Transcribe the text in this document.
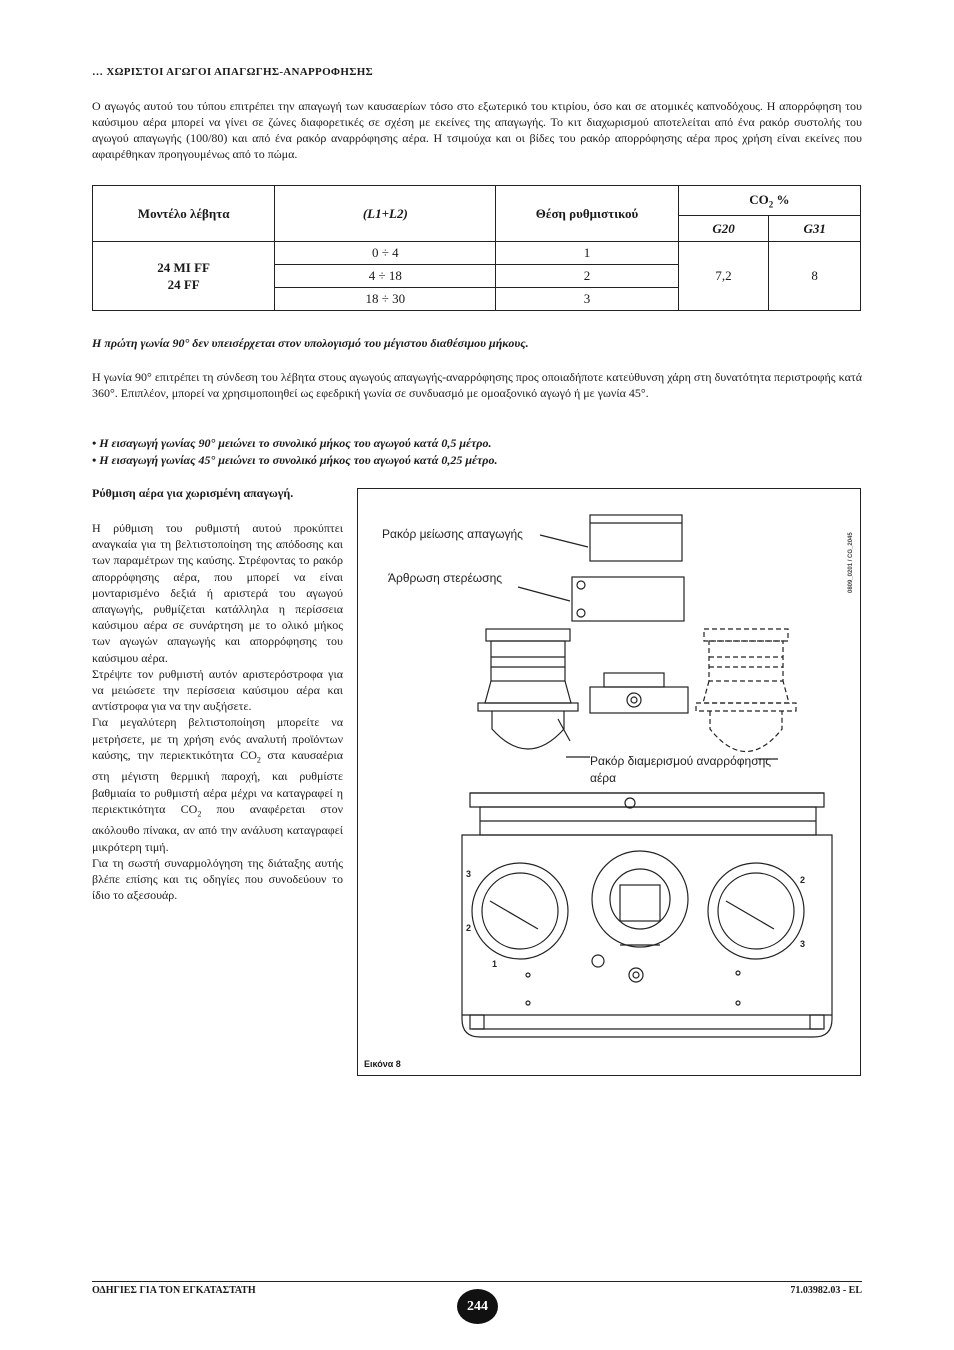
… ΧΩΡΙΣΤΟΙ ΑΓΩΓΟΙ ΑΠΑΓΩΓΗΣ-ΑΝΑΡΡΟΦΗΣΗΣ
Ο αγωγός αυτού του τύπου επιτρέπει την απαγωγή των καυσαερίων τόσο στο εξωτερικό του κτιρίου, όσο και σε ατομικές καπνοδόχους. Η απορρόφηση του καύσιμου αέρα μπορεί να γίνει σε ζώνες διαφορετικές σε σχέση με εκείνες της απαγωγής. Το κιτ διαχωρισμού αποτελείται από ένα ρακόρ συστολής του αγωγού απαγωγής (100/80) και από ένα ρακόρ αναρρόφησης αέρα. Η τσιμούχα και οι βίδες του ρακόρ απορρόφησης αέρα προς χρήση είναι εκείνες που αφαιρέθηκαν προηγουμένως από το πώμα.
Μοντέλο λέβητα	(L1+L2)	Θέση ρυθμιστικού	$CO_2$ %	
			G20	G31

24 MI FF
24 FF	0 ÷ 4	1	7,2	8
	4 ÷ 18	2		
	18 ÷ 30	3		
Η πρώτη γωνία 90° δεν υπεισέρχεται στον υπολογισμό του μέγιστου διαθέσιμου μήκους.
Η γωνία 90° επιτρέπει τη σύνδεση του λέβητα στους αγωγούς απαγωγής-αναρρόφησης προς οποιαδήποτε κατεύθυνση χάρη στη δυνατότητα περιστροφής κατά 360°. Επιπλέον, μπορεί να χρησιμοποιηθεί ως εφεδρική γωνία σε συνδυασμό με ομοαξονικό αγωγό ή με γωνία 45°.
• Η εισαγωγή γωνίας 90° μειώνει το συνολικό μήκος του αγωγού κατά 0,5 μέτρο.
• Η εισαγωγή γωνίας 45° μειώνει το συνολικό μήκος του αγωγού κατά 0,25 μέτρο.
Ρύθμιση αέρα για χωρισμένη απαγωγή.
Η ρύθμιση του ρυθμιστή αυτού προκύπτει αναγκαία για τη βελτιστοποίηση της απόδοσης και των παραμέτρων της καύσης. Στρέφοντας το ρακόρ απορρόφησης αέρα, που μπορεί να είναι μονταρισμένο δεξιά ή αριστερά του αγωγού απαγωγής, ρυθμίζεται κατάλληλα η περίσσεια καύσιμου αέρα σε συνάρτηση με το ολικό μήκος των αγωγών απαγωγής και απορρόφησης του καύσιμου αέρα.
Στρέψτε τον ρυθμιστή αυτόν αριστερόστροφα για να μειώσετε την περίσσεια καύσιμου αέρα και αντίστροφα για να την αυξήσετε.
Για μεγαλύτερη βελτιστοποίηση μπορείτε να μετρήσετε, με τη χρήση ενός αναλυτή προϊόντων καύσης, την περιεκτικότητα $CO_2$ στα καυσαέρια στη μέγιστη θερμική παροχή, και ρυθμίστε βαθμιαία το ρυθμιστή αέρα μέχρι να καταγραφεί η περιεκτικότητα $CO_2$ που αναφέρεται στον ακόλουθο πίνακα, αν από την ανάλυση καταγραφεί μικρότερη τιμή.
Για τη σωστή συναρμολόγηση της διάταξης αυτής βλέπε επίσης και τις οδηγίες που συνοδεύουν το ίδιο το αξεσουάρ.
3
2
1
2
3
0809_0201 / CG_2045
Ρακόρ μείωσης απαγωγής
Άρθρωση στερέωσης
Ρακόρ διαμερισμού αναρρόφησης
αέρα
Εικόνα 8
ΟΔΗΓΙΕΣ ΓΙΑ ΤΟΝ ΕΓΚΑΤΑΣΤΑΤΗ
244
71.03982.03 - EL
